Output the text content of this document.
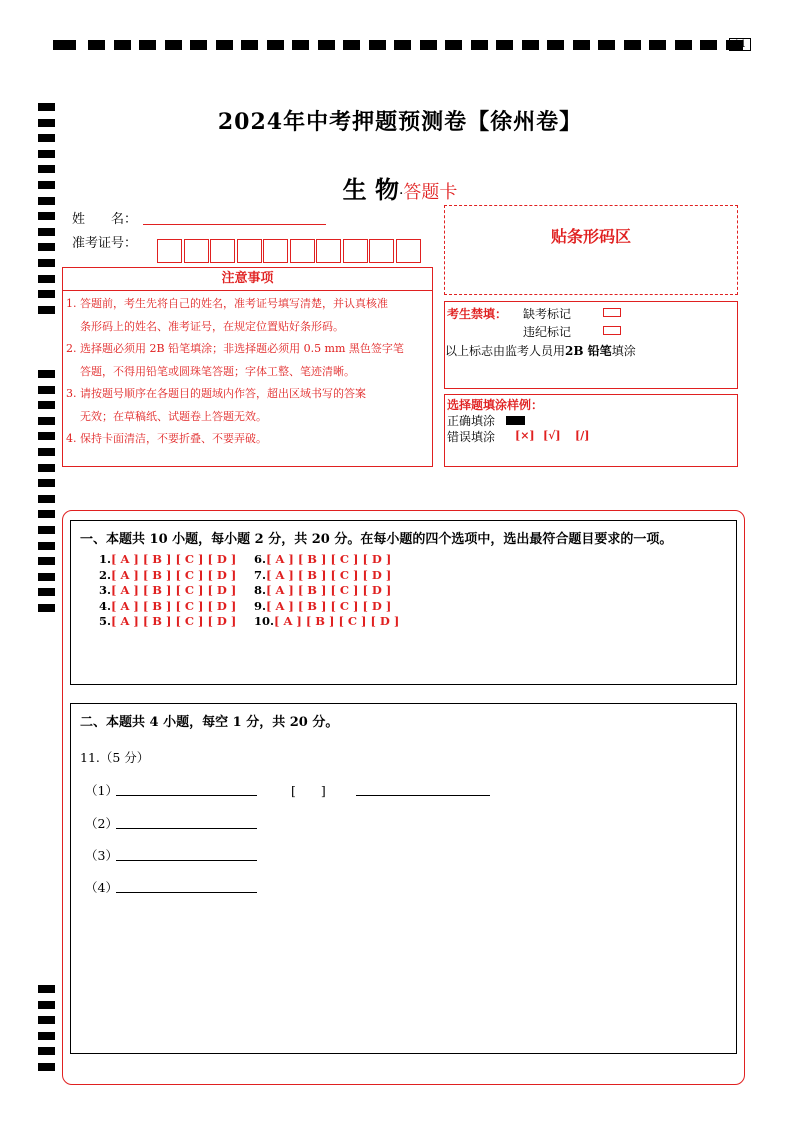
11
2024年中考押题预测卷【徐州卷】
生 物·答题卡
姓　　名：
准考证号：	贴条形码区
注意事项
1. 答题前，考生先将自己的姓名，准考证号填写清楚，并认真核准
条形码上的姓名、准考证号，在规定位置贴好条形码。
2. 选择题必须用 2B 铅笔填涂；非选择题必须用 0.5 mm 黑色签字笔
答题，不得用铅笔或圆珠笔答题；字体工整、笔迹清晰。
3. 请按题号顺序在各题目的题域内作答，超出区域书写的答案
无效；在草稿纸、试题卷上答题无效。
4. 保持卡面清洁，不要折叠、不要弄破。
考生禁填： 缺考标记
违纪标记
以上标志由监考人员用2B 铅笔填涂
选择题填涂样例：
正确填涂
错误填涂 [×] [√] [/]
一、本题共 10 小题，每小题 2 分，共 20 分。在每小题的四个选项中，选出最符合题目要求的一项。
1.[ A ] [ B ] [ C ] [ D ]
2.[ A ] [ B ] [ C ] [ D ]
3.[ A ] [ B ] [ C ] [ D ]
4.[ A ] [ B ] [ C ] [ D ]
5.[ A ] [ B ] [ C ] [ D ]
6.[ A ] [ B ] [ C ] [ D ]
7.[ A ] [ B ] [ C ] [ D ]
8.[ A ] [ B ] [ C ] [ D ]
9.[ A ] [ B ] [ C ] [ D ]
10.[ A ] [ B ] [ C ] [ D ]
二、本题共 4 小题，每空 1 分，共 20 分。
11.（5 分）
（1）	[　　]
（2）
（3）
（4）
